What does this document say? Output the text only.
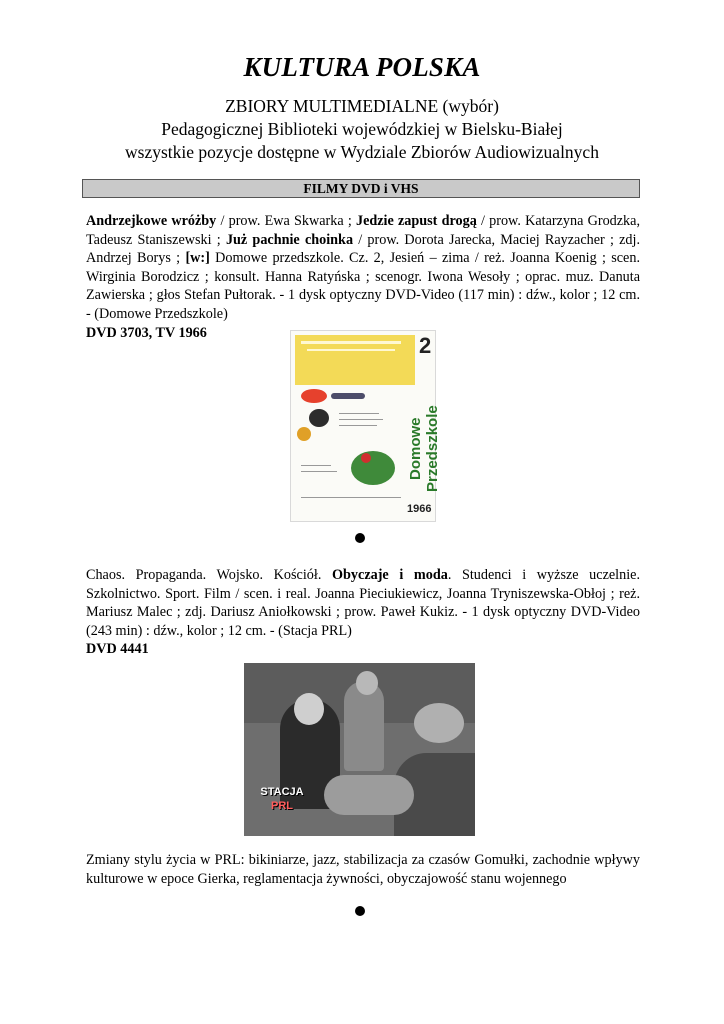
KULTURA POLSKA
ZBIORY MULTIMEDIALNE (wybór)
Pedagogicznej Biblioteki wojewódzkiej w Bielsku-Białej
wszystkie pozycje dostępne w Wydziale Zbiorów Audiowizualnych
FILMY DVD i VHS
Andrzejkowe wróżby / prow. Ewa Skwarka ; Jedzie zapust drogą / prow. Katarzyna Grodzka, Tadeusz Staniszewski ; Już pachnie choinka / prow. Dorota Jarecka, Maciej Rayzacher ; zdj. Andrzej Borys ; [w:] Domowe przedszkole. Cz. 2, Jesień – zima / reż. Joanna Koenig ; scen. Wirginia Borodzicz ; konsult. Hanna Ratyńska ; scenogr. Iwona Wesoły ; oprac. muz. Danuta Zawierska ; głos Stefan Pułtorak. - 1 dysk optyczny DVD-Video (117 min) : dźw., kolor ; 12 cm. - (Domowe Przedszkole)
DVD 3703, TV 1966
2
Domowe Przedszkole
1966
Chaos. Propaganda. Wojsko. Kościół. Obyczaje i moda. Studenci i wyższe uczelnie. Szkolnictwo. Sport. Film / scen. i real. Joanna Pieciukiewicz, Joanna Tryniszewska-Obłoj ; reż. Mariusz Malec ; zdj. Dariusz Aniołkowski ; prow. Paweł Kukiz. - 1 dysk optyczny DVD-Video (243 min) : dźw., kolor ; 12 cm. - (Stacja PRL)
DVD 4441
STACJA
PRL
Zmiany stylu życia w PRL: bikiniarze, jazz, stabilizacja za czasów Gomułki, zachodnie wpływy kulturowe w epoce Gierka, reglamentacja żywności, obyczajowość stanu wojennego
